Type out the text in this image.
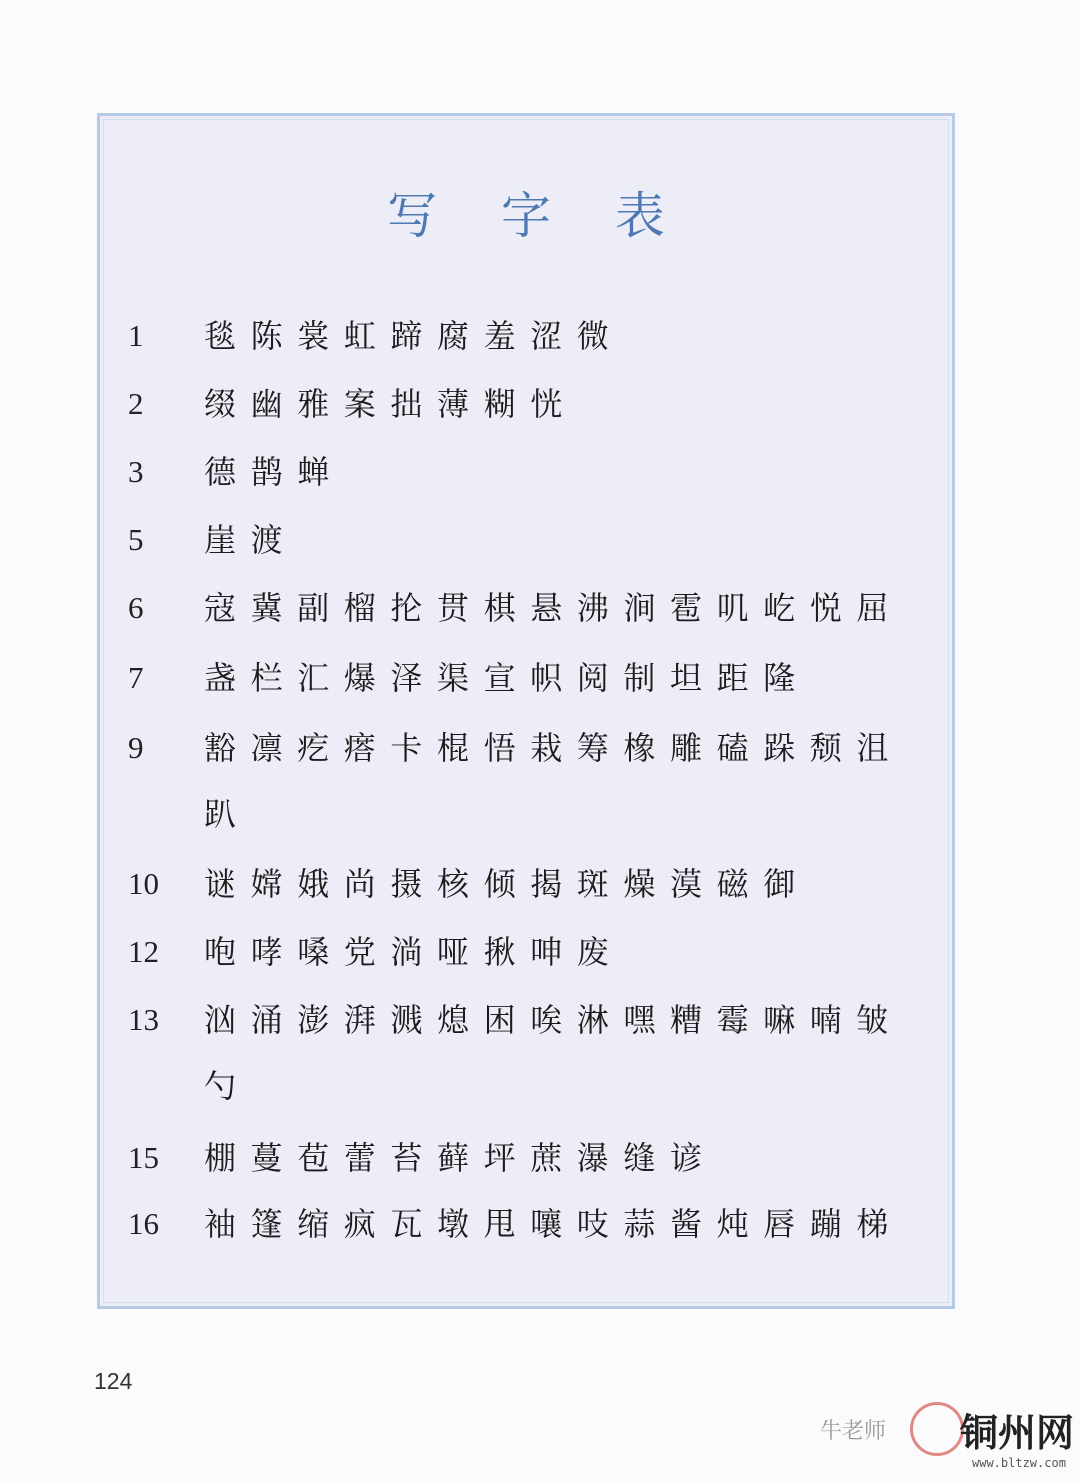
写 字 表
1	毯陈裳虹蹄腐羞涩微
2	缀幽雅案拙薄糊恍
3	德鹊蝉
5	崖渡
6	寇冀副榴抡贯棋悬沸涧雹叽屹悦屈
7	盏栏汇爆泽渠宣帜阅制坦距隆
9	豁凛疙瘩卡棍悟栽筹橡雕磕跺颓沮
趴
10	谜嫦娥尚摄核倾揭斑燥漠磁御
12	咆哮嗓党淌哑揪呻废
13	汹涌澎湃溅熄困唉淋嘿糟霉嘛喃皱
勺
15	棚蔓苞蕾苔藓坪蔗瀑缝谚
16	袖篷缩疯瓦墩甩嚷吱蒜酱炖唇蹦梯
124
牛老师 铜州网
www.bltzw.com
